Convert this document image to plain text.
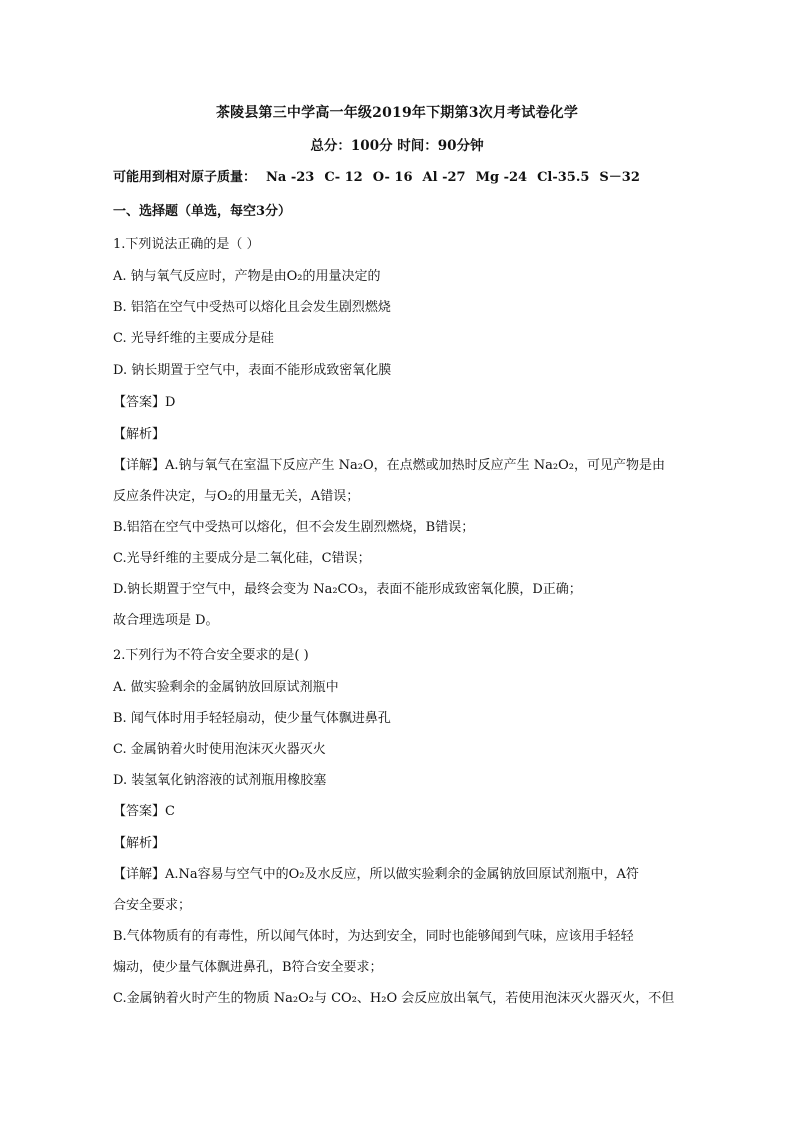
茶陵县第三中学高一年级2019年下期第3次月考试卷化学
总分：100分 时间：90分钟
可能用到相对原子质量： Na -23 C- 12 O- 16 Al -27 Mg -24 Cl-35.5 S－32
一、选择题（单选，每空3分）
1.下列说法正确的是（ ）
A. 钠与氧气反应时，产物是由O₂的用量决定的
B. 铝箔在空气中受热可以熔化且会发生剧烈燃烧
C. 光导纤维的主要成分是硅
D. 钠长期置于空气中，表面不能形成致密氧化膜
【答案】D
【解析】
【详解】A.钠与氧气在室温下反应产生 Na₂O，在点燃或加热时反应产生 Na₂O₂，可见产物是由
反应条件决定，与O₂的用量无关，A错误；
B.铝箔在空气中受热可以熔化，但不会发生剧烈燃烧，B错误；
C.光导纤维的主要成分是二氧化硅，C错误；
D.钠长期置于空气中，最终会变为 Na₂CO₃，表面不能形成致密氧化膜，D正确；
故合理选项是 D。
2.下列行为不符合安全要求的是( )
A. 做实验剩余的金属钠放回原试剂瓶中
B. 闻气体时用手轻轻扇动，使少量气体飘进鼻孔
C. 金属钠着火时使用泡沫灭火器灭火
D. 装氢氧化钠溶液的试剂瓶用橡胶塞
【答案】C
【解析】
【详解】A.Na容易与空气中的O₂及水反应，所以做实验剩余的金属钠放回原试剂瓶中，A符
合安全要求；
B.气体物质有的有毒性，所以闻气体时，为达到安全，同时也能够闻到气味，应该用手轻轻
煽动，使少量气体飘进鼻孔，B符合安全要求；
C.金属钠着火时产生的物质 Na₂O₂与 CO₂、H₂O 会反应放出氧气，若使用泡沫灭火器灭火，不但
